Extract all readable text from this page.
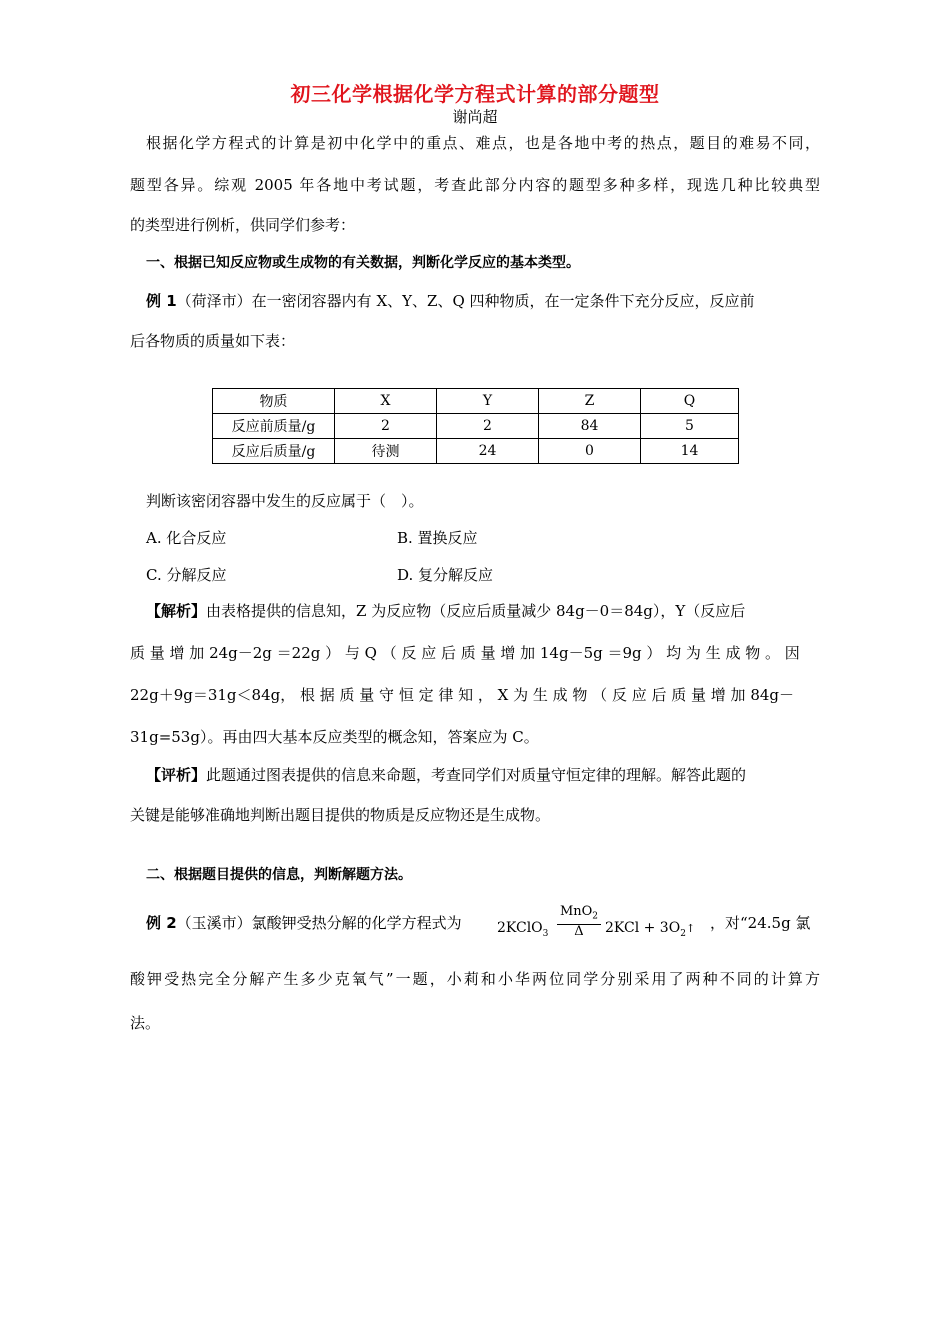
初三化学根据化学方程式计算的部分题型
谢尚超
根据化学方程式的计算是初中化学中的重点、难点，也是各地中考的热点，题目的难易不同，
题型各异。综观 2005 年各地中考试题，考查此部分内容的题型多种多样，现选几种比较典型
的类型进行例析，供同学们参考：
一、根据已知反应物或生成物的有关数据，判断化学反应的基本类型。
例 1（荷泽市）在一密闭容器内有 X、Y、Z、Q 四种物质，在一定条件下充分反应，反应前
后各物质的质量如下表：
物质	X	Y	Z	Q
反应前质量/g	2	2	84	5
反应后质量/g	待测	24	0	14
判断该密闭容器中发生的反应属于（　）。
A. 化合反应	B. 置换反应
C. 分解反应	D. 复分解反应
【解析】由表格提供的信息知，Z 为反应物（反应后质量减少 84g－0＝84g），Y（反应后
质 量 增 加 24g－2g ＝22g ） 与 Q （ 反 应 后 质 量 增 加 14g－5g ＝9g ） 均 为 生 成 物 。 因
22g＋9g＝31g＜84g， 根 据 质 量 守 恒 定 律 知 ， X 为 生 成 物 （ 反 应 后 质 量 增 加 84g－
31g=53g）。再由四大基本反应类型的概念知，答案应为 C。
【评析】此题通过图表提供的信息来命题，考查同学们对质量守恒定律的理解。解答此题的
关键是能够准确地判断出题目提供的物质是反应物还是生成物。
二、根据题目提供的信息，判断解题方法。
例 2（玉溪市）氯酸钾受热分解的化学方程式为	2KClO$_3$
MnO$_2$
Δ	$2KCl + 3O_2↑$ ，对“24.5g 氯
酸钾受热完全分解产生多少克氧气”一题，小莉和小华两位同学分别采用了两种不同的计算方
法。
